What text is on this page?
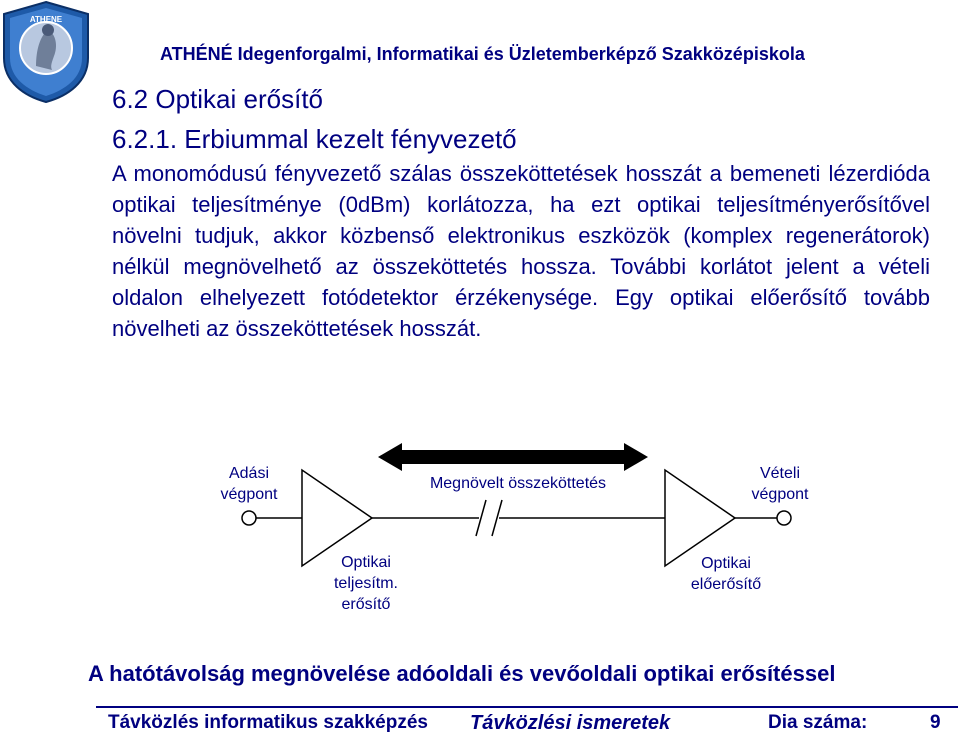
ATHENE
ATHÉNÉ Idegenforgalmi, Informatikai és Üzletemberképző Szakközépiskola
6.2 Optikai erősítő
6.2.1. Erbiummal kezelt fényvezető
A monomódusú fényvezető szálas összeköttetések hosszát a bemeneti lézerdióda optikai teljesítménye (0dBm) korlátozza, ha ezt optikai teljesítményerősítővel növelni tudjuk, akkor közbenső elektronikus eszközök (komplex regenerátorok) nélkül megnövelhető az összeköttetés hossza. További korlátot jelent a vételi oldalon elhelyezett fotódetektor érzékenysége. Egy optikai előerősítő tovább növelheti az összeköttetések hosszát.
Adási
végpont
Megnövelt összeköttetés
Vételi
végpont
Optikai
teljesítm.
erősítő
Optikai
előerősítő
A hatótávolság megnövelése adóoldali és vevőoldali optikai erősítéssel
Távközlés informatikus szakképzés Távközlési ismeretek	Dia száma:	9
